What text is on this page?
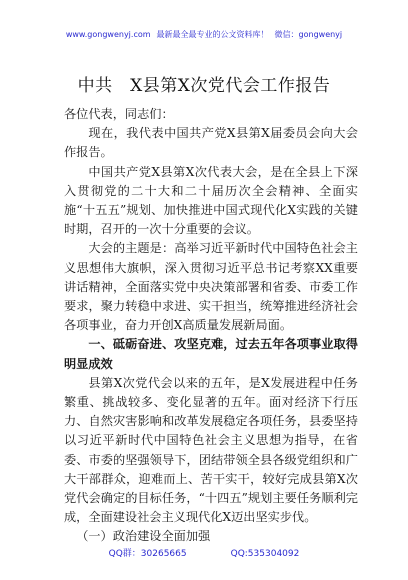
www.gongwenyj.com 最新最全最专业的公文资料库！ 微信：gongwenyj
中共　X县第X次党代会工作报告

各位代表，同志们：

现在，我代表中国共产党X县第X届委员会向大会作报告。

中国共产党X县第X次代表大会，是在全县上下深入贯彻党的二十大和二十届历次全会精神、全面实施“十五五”规划、加快推进中国式现代化X实践的关键时期，召开的一次十分重要的会议。

大会的主题是：高举习近平新时代中国特色社会主义思想伟大旗帜，深入贯彻习近平总书记考察XX重要讲话精神，全面落实党中央决策部署和省委、市委工作要求，聚力转稳中求进、实干担当，统筹推进经济社会各项事业，奋力开创X高质量发展新局面。

一、砥砺奋进、攻坚克难，过去五年各项事业取得明显成效

县第X次党代会以来的五年，是X发展进程中任务繁重、挑战较多、变化显著的五年。面对经济下行压力、自然灾害影响和改革发展稳定各项任务，县委坚持以习近平新时代中国特色社会主义思想为指导，在省委、市委的坚强领导下，团结带领全县各级党组织和广大干部群众，迎难而上、苦干实干，较好完成县第X次党代会确定的目标任务，“十四五”规划主要任务顺利完成，全面建设社会主义现代化X迈出坚实步伐。

（一）政治建设全面加强

QQ群：30265665	QQ:535304092
